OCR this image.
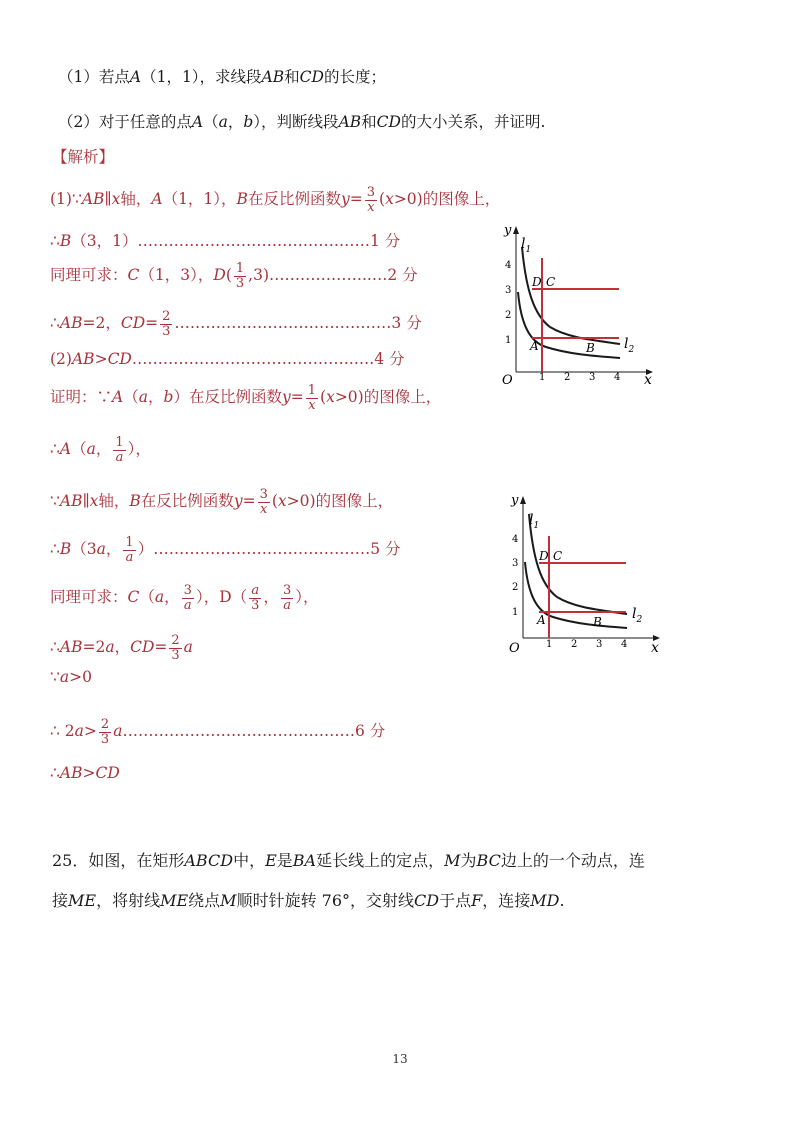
（1）若点A（1，1），求线段AB和CD的长度；
（2）对于任意的点A（a，b），判断线段AB和CD的大小关系，并证明.
【解析】
(1)∵AB∥x轴，A（1，1），B在反比例函数$y= \frac{3}{x} (x>0)$的图像上，
∴B（3，1）………………………………………1 分
同理可求：C（1，3），$D( \frac{1}{3}$ ,3)………………..…2 分
∴AB=2，$CD= \frac{2}{3}$ ……………………………………3 分
(2)AB>CD…………………………………….….4 分
证明：∵A（a，b）在反比例函数$y= \frac{1}{x} (x>0)$的图像上，
∴A（a， $\frac{1}{a}$ ），
∵AB∥x轴，B在反比例函数$y= \frac{3}{x} (x>0)$的图像上，
∴B（3a， $\frac{1}{a}$ ）……………………………………5 分
同理可求：C（a， $\frac{3}{a}$ ），$D( \frac{a}{3}$ ， $\frac{3}{a}$ ），
∴AB=2a，$CD= \frac{2}{3}$ a
∵a>0
∴ $2a> \frac{2}{3}$ a………………………………………6 分
∴AB>CD
25．如图，在矩形ABCD中，E是BA延长线上的定点，M为BC边上的一个动点，连
接ME，将射线ME绕点M顺时针旋转 76°，交射线CD于点F，连接MD.
y
x
O	1 2 3 4
1
2
3
4
$l_1$
$l_2$
D C
A	B
y
x
O	1 2 3 4
1
2
3
4
$l_1$
$l_2$
D C
A	B
13
